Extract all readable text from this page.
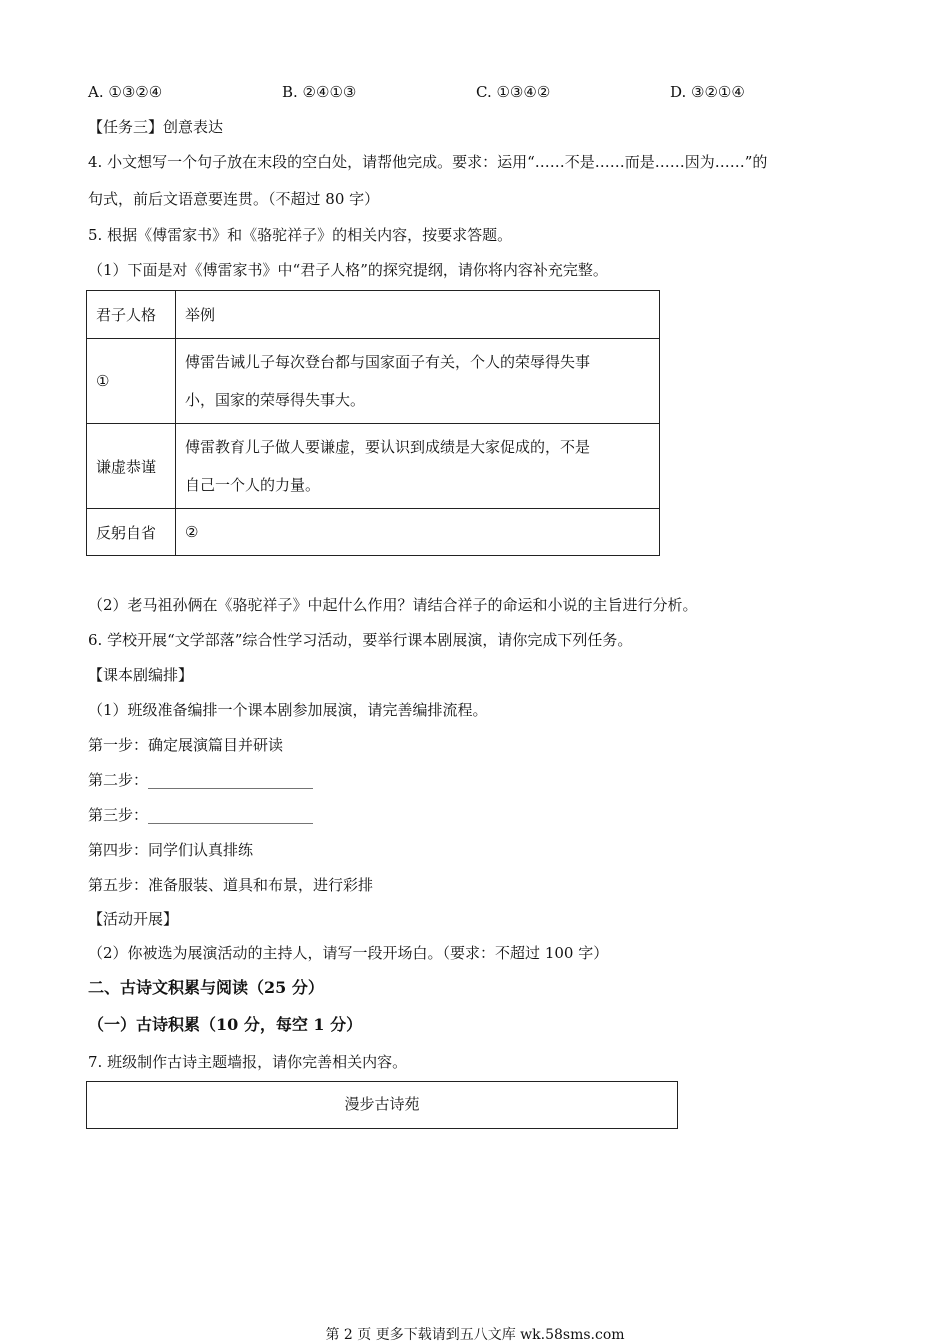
A. ①③②④	B. ②④①③	C. ①③④②	D. ③②①④
【任务三】创意表达
4. 小文想写一个句子放在末段的空白处，请帮他完成。要求：运用“……不是……而是……因为……”的
句式，前后文语意要连贯。（不超过 80 字）
5. 根据《傅雷家书》和《骆驼祥子》的相关内容，按要求答题。
（1）下面是对《傅雷家书》中“君子人格”的探究提纲，请你将内容补充完整。
君子人格	举例
①	傅雷告诫儿子每次登台都与国家面子有关，个人的荣辱得失事
小，国家的荣辱得失事大。

谦虚恭谨	傅雷教育儿子做人要谦虚，要认识到成绩是大家促成的，不是
自己一个人的力量。

反躬自省	②
（2）老马祖孙俩在《骆驼祥子》中起什么作用？请结合祥子的命运和小说的主旨进行分析。
6. 学校开展“文学部落”综合性学习活动，要举行课本剧展演，请你完成下列任务。
【课本剧编排】
（1）班级准备编排一个课本剧参加展演，请完善编排流程。
第一步：确定展演篇目并研读
第二步：______________________
第三步：______________________
第四步：同学们认真排练
第五步：准备服装、道具和布景，进行彩排
【活动开展】
（2）你被选为展演活动的主持人，请写一段开场白。（要求：不超过 100 字）
二、古诗文积累与阅读（25 分）
（一）古诗积累（10 分，每空 1 分）
7. 班级制作古诗主题墙报，请你完善相关内容。
漫步古诗苑
第 2 页 更多下载请到五八文库 wk.58sms.com
